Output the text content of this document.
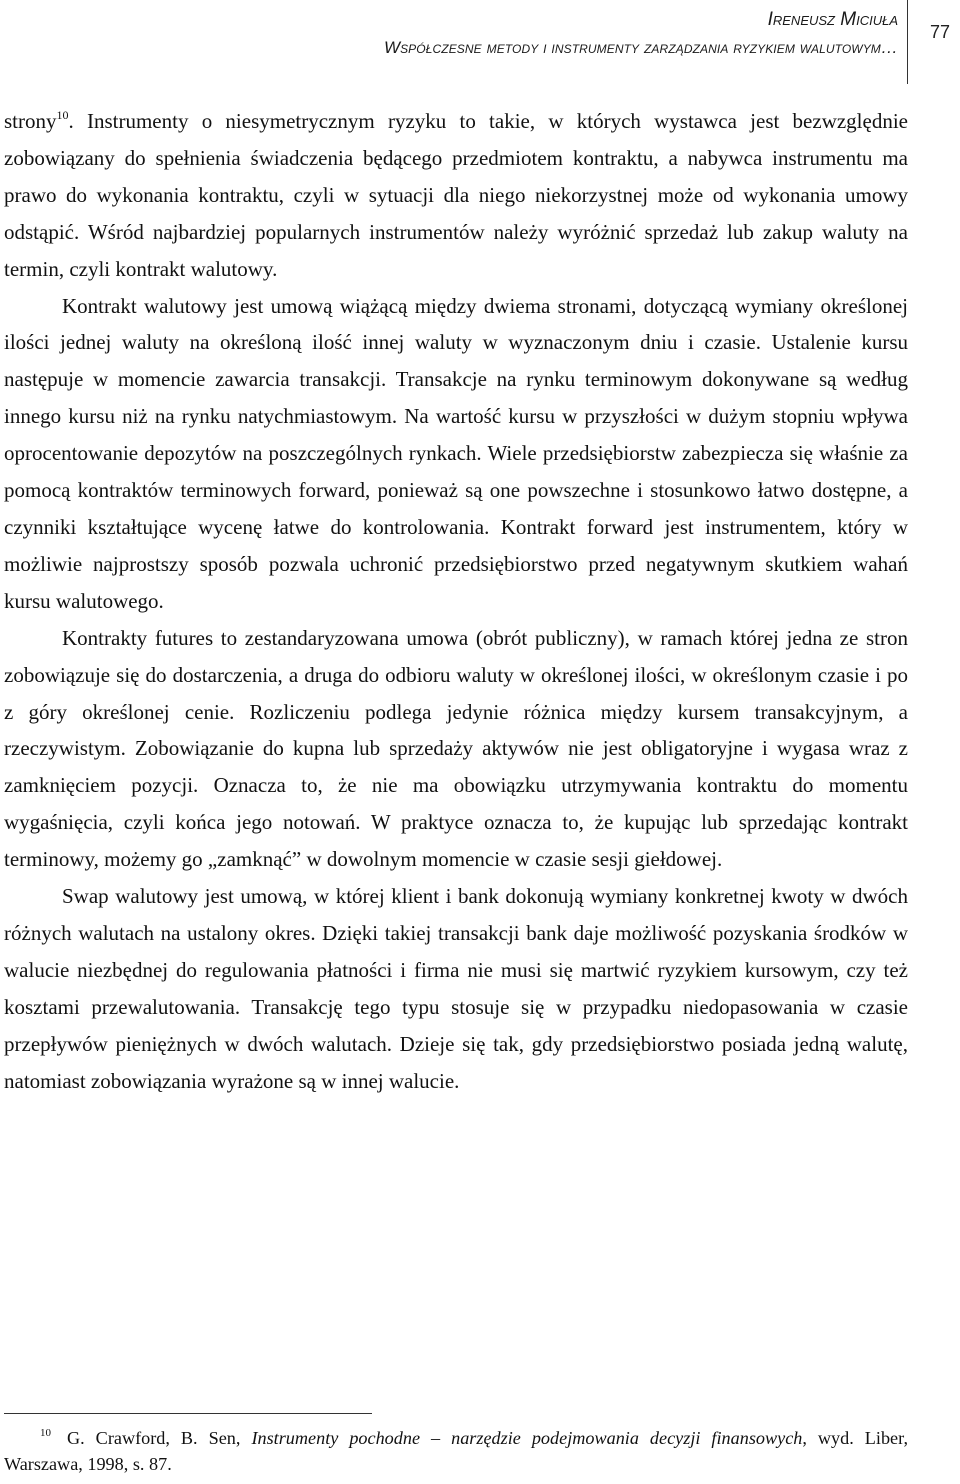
Ireneusz Miciuła
Współczesne metody i instrumenty zarządzania ryzykiem walutowym…
77

strony$^{10}$. Instrumenty o niesymetrycznym ryzyku to takie, w których wystawca jest bezwzględnie zobowiązany do spełnienia świadczenia będącego przedmiotem kontraktu, a nabywca instrumentu ma prawo do wykonania kontraktu, czyli w sytuacji dla niego niekorzystnej może od wykonania umowy odstąpić. Wśród najbardziej popularnych instrumentów należy wyróżnić sprzedaż lub zakup waluty na termin, czyli kontrakt walutowy.

Kontrakt walutowy jest umową wiążącą między dwiema stronami, dotyczącą wymiany określonej ilości jednej waluty na określoną ilość innej waluty w wyznaczonym dniu i czasie. Ustalenie kursu następuje w momencie zawarcia transakcji. Transakcje na rynku terminowym dokonywane są według innego kursu niż na rynku natychmiastowym. Na wartość kursu w przyszłości w dużym stopniu wpływa oprocentowanie depozytów na poszczególnych rynkach. Wiele przedsiębiorstw zabezpiecza się właśnie za pomocą kontraktów terminowych forward, ponieważ są one powszechne i stosunkowo łatwo dostępne, a czynniki kształtujące wycenę łatwe do kontrolowania. Kontrakt forward jest instrumentem, który w możliwie najprostszy sposób pozwala uchronić przedsiębiorstwo przed negatywnym skutkiem wahań kursu walutowego.

Kontrakty futures to zestandaryzowana umowa (obrót publiczny), w ramach której jedna ze stron zobowiązuje się do dostarczenia, a druga do odbioru waluty w określonej ilości, w określonym czasie i po z góry określonej cenie. Rozliczeniu podlega jedynie różnica między kursem transakcyjnym, a rzeczywistym. Zobowiązanie do kupna lub sprzedaży aktywów nie jest obligatoryjne i wygasa wraz z zamknięciem pozycji. Oznacza to, że nie ma obowiązku utrzymywania kontraktu do momentu wygaśnięcia, czyli końca jego notowań. W praktyce oznacza to, że kupując lub sprzedając kontrakt terminowy, możemy go „zamknąć” w dowolnym momencie w czasie sesji giełdowej.

Swap walutowy jest umową, w której klient i bank dokonują wymiany konkretnej kwoty w dwóch różnych walutach na ustalony okres. Dzięki takiej transakcji bank daje możliwość pozyskania środków w walucie niezbędnej do regulowania płatności i firma nie musi się martwić ryzykiem kursowym, czy też kosztami przewalutowania. Transakcję tego typu stosuje się w przypadku niedopasowania w czasie przepływów pieniężnych w dwóch walutach. Dzieje się tak, gdy przedsiębiorstwo posiada jedną walutę, natomiast zobowiązania wyrażone są w innej walucie.

$^{10}$ G. Crawford, B. Sen, Instrumenty pochodne – narzędzie podejmowania decyzji finansowych, wyd. Liber, Warszawa, 1998, s. 87.
